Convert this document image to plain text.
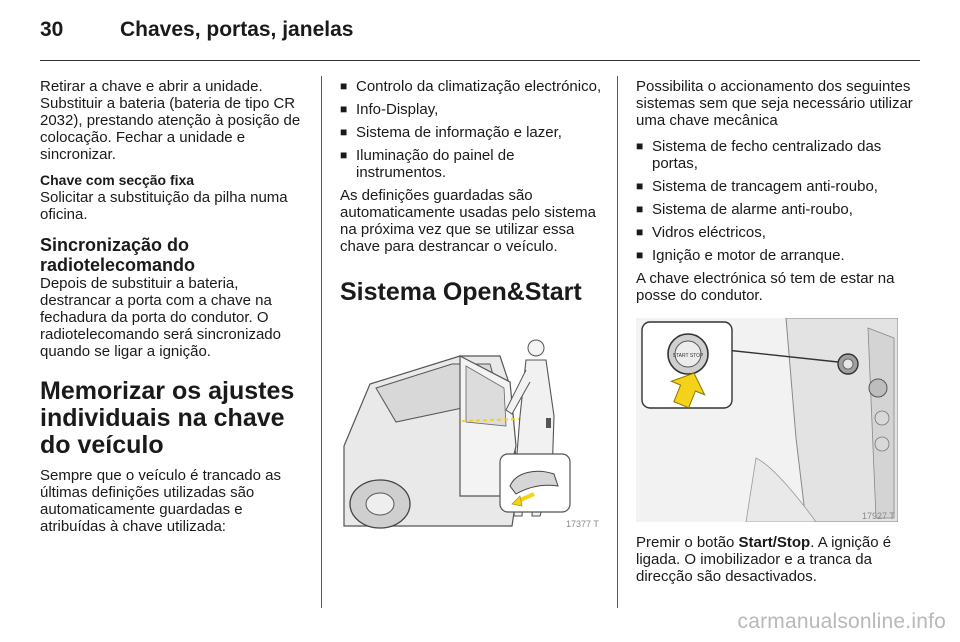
30	Chaves, portas, janelas

Retirar a chave e abrir a unidade. Substituir a bateria (bateria de tipo CR 2032), prestando atenção à posição de colocação. Fechar a unidade e sincronizar.

Chave com secção fixa

Solicitar a substituição da pilha numa oficina.

Sincronização do
radiotelecomando

Depois de substituir a bateria, destrancar a porta com a chave na fechadura da porta do condutor. O radiotelecomando será sincronizado quando se ligar a ignição.

Memorizar os ajustes individuais na chave do veículo

Sempre que o veículo é trancado as últimas definições utilizadas são automaticamente guardadas e atribuídas à chave utilizada:

■ Controlo da climatização electrónico,
■ Info-Display,
■ Sistema de informação e lazer,
■ Iluminação do painel de instrumentos.

As definições guardadas são automaticamente usadas pelo sistema na próxima vez que se utilizar essa chave para destrancar o veículo.

Sistema Open&Start
17377 T

Possibilita o accionamento dos seguintes sistemas sem que seja necessário utilizar uma chave mecânica

■ Sistema de fecho centralizado das portas,
■ Sistema de trancagem anti-roubo,
■ Sistema de alarme anti-roubo,
■ Vidros eléctricos,
■ Ignição e motor de arranque.

A chave electrónica só tem de estar na posse do condutor.

START STOP
17927 T

Premir o botão Start/Stop. A ignição é ligada. O imobilizador e a tranca da direcção são desactivados.

carmanualsonline.info
